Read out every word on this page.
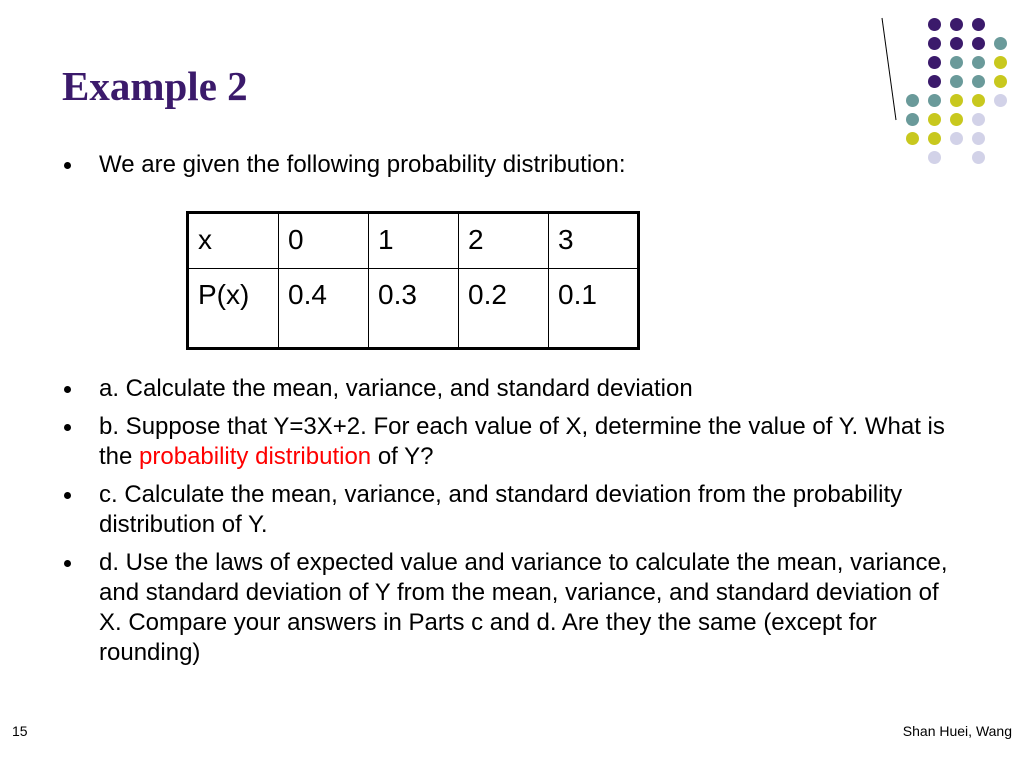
Example 2
We are given the following probability distribution:
x	0	1	2	3
P(x)	0.4	0.3	0.2	0.1
a. Calculate the mean, variance, and standard deviation
b. Suppose that Y=3X+2. For each value of X, determine the value of Y. What is the probability distribution of Y?
c. Calculate the mean, variance, and standard deviation from the probability distribution of Y.
d. Use the laws of expected value and variance to calculate the mean, variance, and standard deviation of Y from the mean, variance, and standard deviation of X. Compare your answers in Parts c and d. Are they the same (except for rounding)
15	Shan Huei, Wang
